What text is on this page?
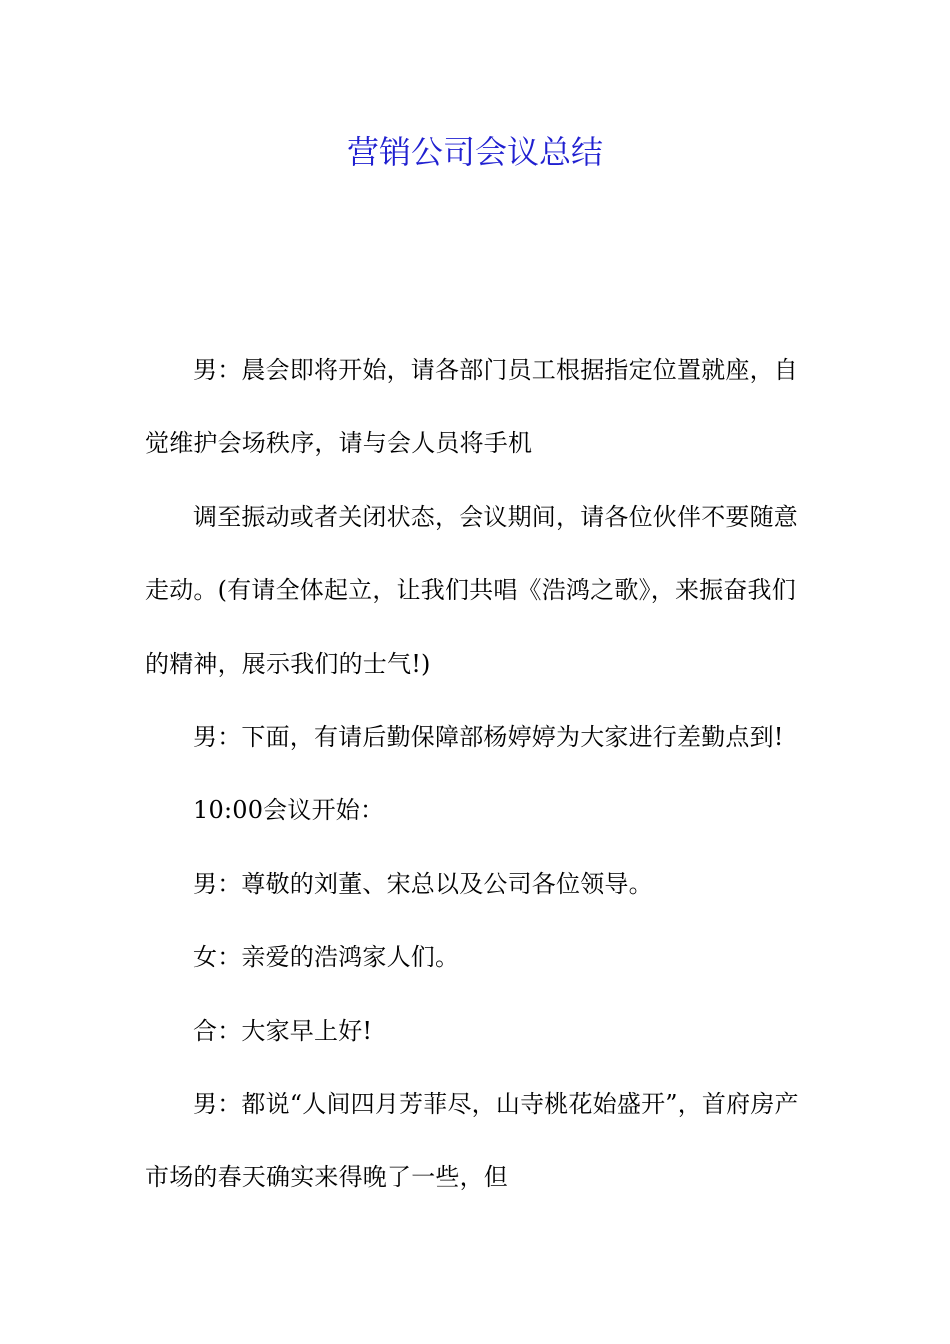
营销公司会议总结

男：晨会即将开始，请各部门员工根据指定位置就座，自觉维护会场秩序，请与会人员将手机

调至振动或者关闭状态，会议期间，请各位伙伴不要随意走动。(有请全体起立，让我们共唱《浩鸿之歌》，来振奋我们的精神，展示我们的士气!)

男：下面，有请后勤保障部杨婷婷为大家进行差勤点到!

10:00会议开始：

男：尊敬的刘董、宋总以及公司各位领导。

女：亲爱的浩鸿家人们。

合：大家早上好!

男：都说“人间四月芳菲尽，山寺桃花始盛开”，首府房产市场的春天确实来得晚了一些，但
